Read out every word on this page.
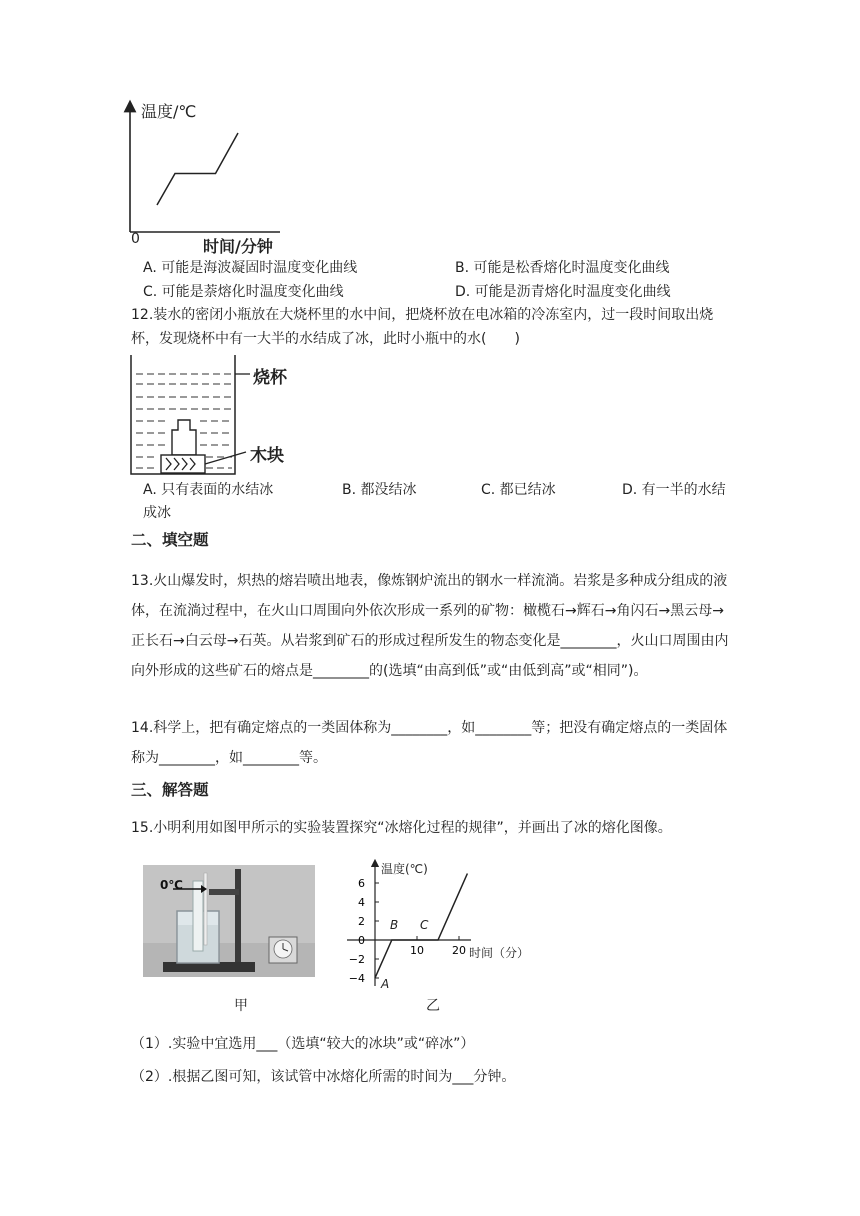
温度/℃
0	时间/分钟
A. 可能是海波凝固时温度变化曲线	B. 可能是松香熔化时温度变化曲线
C. 可能是萘熔化时温度变化曲线	D. 可能是沥青熔化时温度变化曲线
12.装水的密闭小瓶放在大烧杯里的水中间，把烧杯放在电冰箱的冷冻室内，过一段时间取出烧杯，发现烧杯中有一大半的水结成了冰，此时小瓶中的水(　　)
烧杯
木块
A. 只有表面的水结冰	B. 都没结冰	C. 都已结冰	D. 有一半的水结
成冰
二、填空题
13.火山爆发时，炽热的熔岩喷出地表，像炼钢炉流出的钢水一样流淌。岩浆是多种成分组成的液体，在流淌过程中，在火山口周围向外依次形成一系列的矿物：橄榄石→辉石→角闪石→黑云母→正长石→白云母→石英。从岩浆到矿石的形成过程所发生的物态变化是________，火山口周围由内向外形成的这些矿石的熔点是________的(选填“由高到低”或“由低到高”或“相同”)。
14.科学上，把有确定熔点的一类固体称为________，如________等；把没有确定熔点的一类固体称为________，如________等。
三、解答题
15.小明利用如图甲所示的实验装置探究“冰熔化过程的规律”，并画出了冰的熔化图像。
0℃	6
4
2
0
−2
−4
10	20
温度(℃)
时间（分）
A
B C
甲	乙
（1）.实验中宜选用___（选填“较大的冰块”或“碎冰”）
（2）.根据乙图可知，该试管中冰熔化所需的时间为___分钟。
